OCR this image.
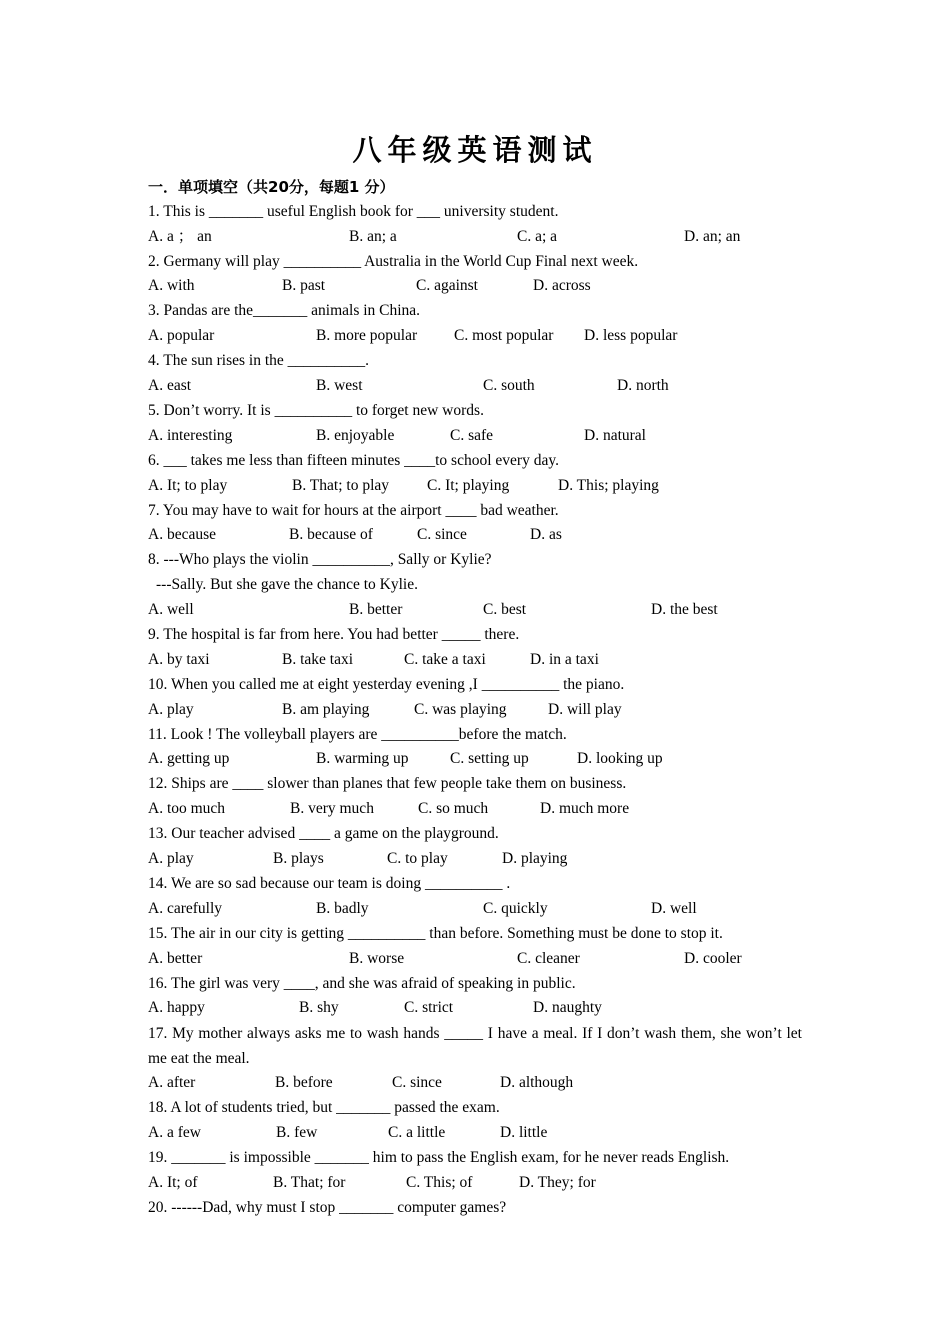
八年级英语测试
一．单项填空（共20分，每题1 分）
1. This is _______ useful English book for ___ university student.
A. a ； an	B. an; a	C. a; a	D. an; an
2. Germany will play __________ Australia in the World Cup Final next week.
A. with	B. past	C. against	D. across
3. Pandas are the_______ animals in China.
A. popular	B. more popular C. most popular D. less popular
4. The sun rises in the __________.
A. east	B. west	C. south	D. north
5. Don’t worry. It is __________ to forget new words.
A. interesting	B. enjoyable	C. safe	D. natural
6. ___ takes me less than fifteen minutes ____to school every day.
A. It; to play	B. That; to play C. It; playing	D. This; playing
7. You may have to wait for hours at the airport ____ bad weather.
A. because	B. because of	C. since	D. as
8. ---Who plays the violin __________, Sally or Kylie?
---Sally. But she gave the chance to Kylie.
A. well	B. better	C. best	D. the best
9. The hospital is far from here. You had better _____ there.
A. by taxi	B. take taxi	C. take a taxi	D. in a taxi
10. When you called me at eight yesterday evening ,I __________ the piano.
A. play	B. am playing	C. was playing	D. will play
11. Look ! The volleyball players are __________before the match.
A. getting up	B. warming up	C. setting up	D. looking up
12. Ships are ____ slower than planes that few people take them on business.
A. too much	B. very much	C. so much	D. much more
13. Our teacher advised ____ a game on the playground.
A. play	B. plays	C. to play	D. playing
14. We are so sad because our team is doing __________ .
A. carefully	B. badly	C. quickly	D. well
15. The air in our city is getting __________ than before. Something must be done to stop it.
A. better	B. worse	C. cleaner	D. cooler
16. The girl was very ____, and she was afraid of speaking in public.
A. happy	B. shy	C. strict	D. naughty
17. My mother always asks me to wash hands _____ I have a meal. If I don’t wash them, she won’t let me eat the meal.
A. after	B. before	C. since	D. although
18. A lot of students tried, but _______ passed the exam.
A. a few	B. few	C. a little	D. little
19. _______ is impossible _______ him to pass the English exam, for he never reads English.
A. It; of	B. That; for	C. This; of	D. They; for
20. ------Dad, why must I stop _______ computer games?
